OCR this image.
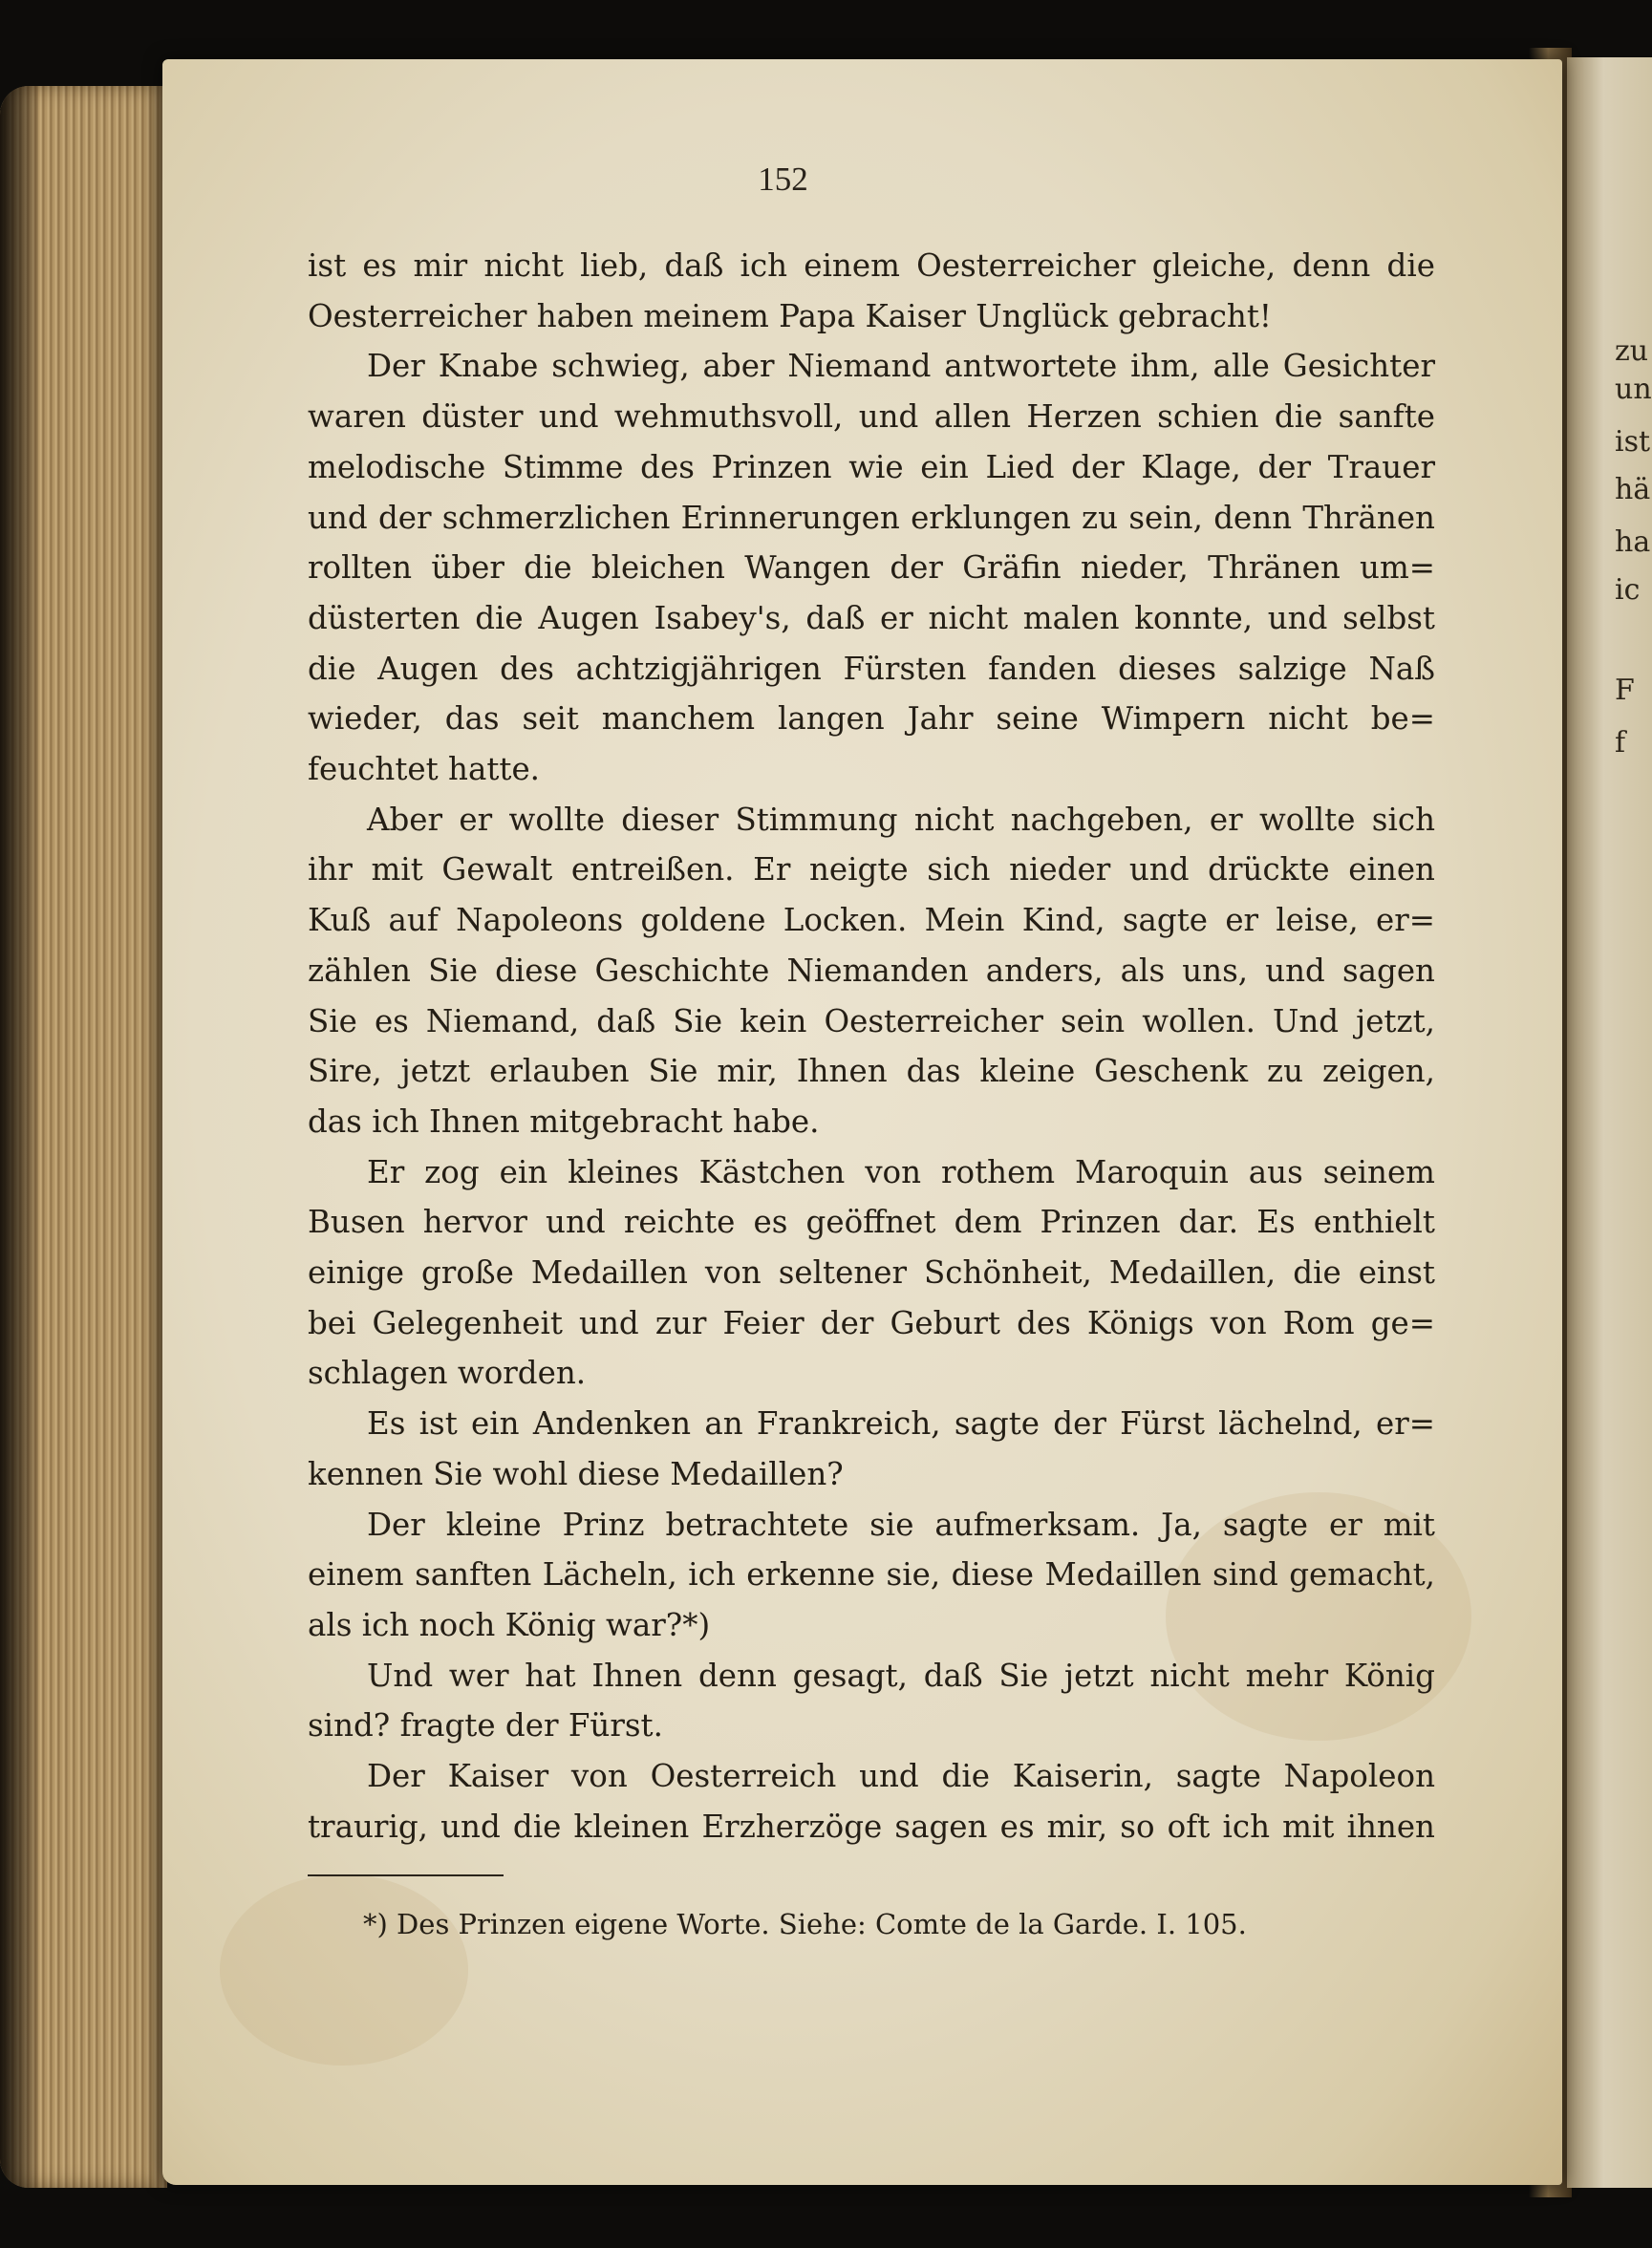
zu
un
ist
hä
ha
ic
F
f
152
ist es mir nicht lieb, daß ich einem Oesterreicher gleiche, denn die
Oesterreicher haben meinem Papa Kaiser Unglück gebracht!
Der Knabe schwieg, aber Niemand antwortete ihm, alle Gesichter
waren düster und wehmuthsvoll, und allen Herzen schien die sanfte
melodische Stimme des Prinzen wie ein Lied der Klage, der Trauer
und der schmerzlichen Erinnerungen erklungen zu sein, denn Thränen
rollten über die bleichen Wangen der Gräfin nieder, Thränen um=
düsterten die Augen Isabey's, daß er nicht malen konnte, und selbst
die Augen des achtzigjährigen Fürsten fanden dieses salzige Naß
wieder, das seit manchem langen Jahr seine Wimpern nicht be=
feuchtet hatte.
Aber er wollte dieser Stimmung nicht nachgeben, er wollte sich
ihr mit Gewalt entreißen. Er neigte sich nieder und drückte einen
Kuß auf Napoleons goldene Locken. Mein Kind, sagte er leise, er=
zählen Sie diese Geschichte Niemanden anders, als uns, und sagen
Sie es Niemand, daß Sie kein Oesterreicher sein wollen. Und jetzt,
Sire, jetzt erlauben Sie mir, Ihnen das kleine Geschenk zu zeigen,
das ich Ihnen mitgebracht habe.
Er zog ein kleines Kästchen von rothem Maroquin aus seinem
Busen hervor und reichte es geöffnet dem Prinzen dar. Es enthielt
einige große Medaillen von seltener Schönheit, Medaillen, die einst
bei Gelegenheit und zur Feier der Geburt des Königs von Rom ge=
schlagen worden.
Es ist ein Andenken an Frankreich, sagte der Fürst lächelnd, er=
kennen Sie wohl diese Medaillen?
Der kleine Prinz betrachtete sie aufmerksam. Ja, sagte er mit
einem sanften Lächeln, ich erkenne sie, diese Medaillen sind gemacht,
als ich noch König war?*)
Und wer hat Ihnen denn gesagt, daß Sie jetzt nicht mehr König
sind? fragte der Fürst.
Der Kaiser von Oesterreich und die Kaiserin, sagte Napoleon
traurig, und die kleinen Erzherzöge sagen es mir, so oft ich mit ihnen
*) Des Prinzen eigene Worte. Siehe: Comte de la Garde. I. 105.
